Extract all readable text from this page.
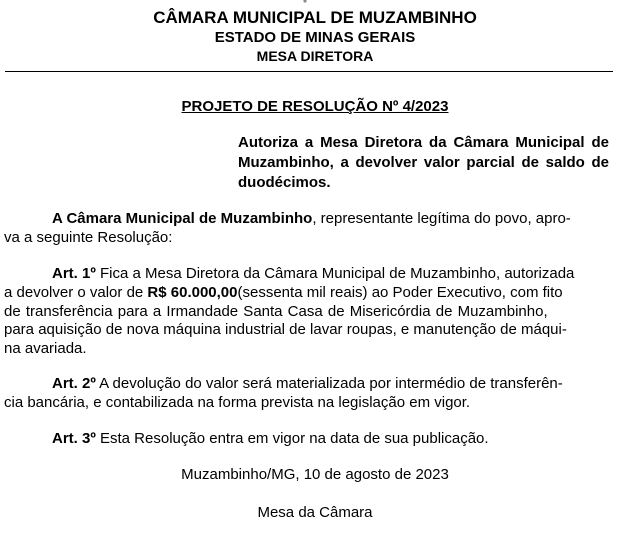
CÂMARA MUNICIPAL DE MUZAMBINHO
ESTADO DE MINAS GERAIS
MESA DIRETORA
PROJETO DE RESOLUÇÃO Nº 4/2023
Autoriza a Mesa Diretora da Câmara Municipal de Muzambinho, a devolver valor parcial de saldo de duodécimos.
A Câmara Municipal de Muzambinho, representante legítima do povo, apro-
va a seguinte Resolução:
Art. 1º Fica a Mesa Diretora da Câmara Municipal de Muzambinho, autorizada
a devolver o valor de R$ 60.000,00(sessenta mil reais) ao Poder Executivo, com fito
de transferência para a Irmandade Santa Casa de Misericórdia de Muzambinho,
para aquisição de nova máquina industrial de lavar roupas, e manutenção de máqui-
na avariada.
Art. 2º A devolução do valor será materializada por intermédio de transferên-
cia bancária, e contabilizada na forma prevista na legislação em vigor.
Art. 3º Esta Resolução entra em vigor na data de sua publicação.
Muzambinho/MG, 10 de agosto de 2023
Mesa da Câmara
